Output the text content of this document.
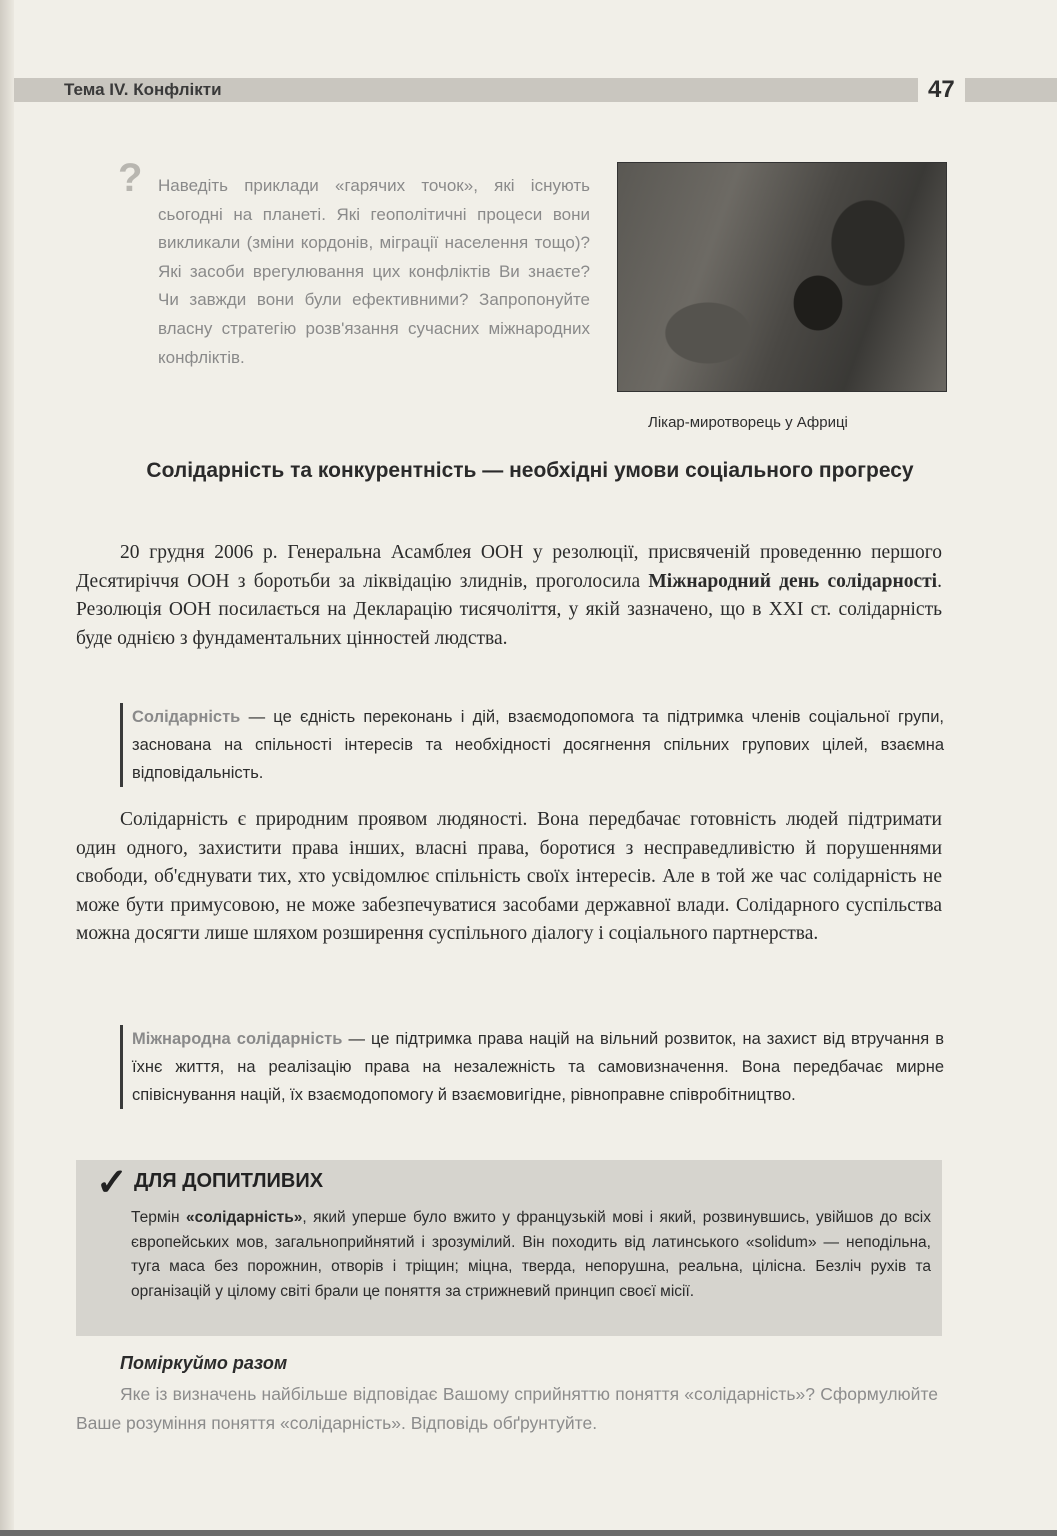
Тема IV. Конфлікти	47
? Наведіть приклади «гарячих точок», які існують сьогодні на планеті. Які геополітичні процеси вони викликали (зміни кордонів, міграції населення тощо)? Які засоби врегулювання цих конфліктів Ви знаєте? Чи завжди вони були ефективними? Запропонуйте власну стратегію розв'язання сучасних міжнародних конфліктів.
Лікар-миротворець у Африці
Солідарність та конкурентність — необхідні умови соціального прогресу
20 грудня 2006 р. Генеральна Асамблея ООН у резолюції, присвяченій проведенню першого Десятиріччя ООН з боротьби за ліквідацію злиднів, проголосила Міжнародний день солідарності. Резолюція ООН посилається на Декларацію тисячоліття, у якій зазначено, що в XXI ст. солідарність буде однією з фундаментальних цінностей людства.
Солідарність — це єдність переконань і дій, взаємодопомога та підтримка членів соціальної групи, заснована на спільності інтересів та необхідності досягнення спільних групових цілей, взаємна відповідальність.
Солідарність є природним проявом людяності. Вона передбачає готовність людей підтримати один одного, захистити права інших, власні права, боротися з несправедливістю й порушеннями свободи, об'єднувати тих, хто усвідомлює спільність своїх інтересів. Але в той же час солідарність не може бути примусовою, не може забезпечуватися засобами державної влади. Солідарного суспільства можна досягти лише шляхом розширення суспільного діалогу і соціального партнерства.
Міжнародна солідарність — це підтримка права націй на вільний розвиток, на захист від втручання в їхнє життя, на реалізацію права на незалежність та самовизначення. Вона передбачає мирне співіснування націй, їх взаємодопомогу й взаємовигідне, рівноправне співробітництво.
✓ ДЛЯ ДОПИТЛИВИХ
Термін «солідарність», який уперше було вжито у французькій мові і який, розвинувшись, увійшов до всіх європейських мов, загальноприйнятий і зрозумілий. Він походить від латинського «solidum» — неподільна, туга маса без порожнин, отворів і тріщин; міцна, тверда, непорушна, реальна, цілісна. Безліч рухів та організацій у цілому світі брали це поняття за стрижневий принцип своєї місії.
Поміркуймо разом
Яке із визначень найбільше відповідає Вашому сприйняттю поняття «солідарність»? Сформулюйте Ваше розуміння поняття «солідарність». Відповідь обґрунтуйте.
